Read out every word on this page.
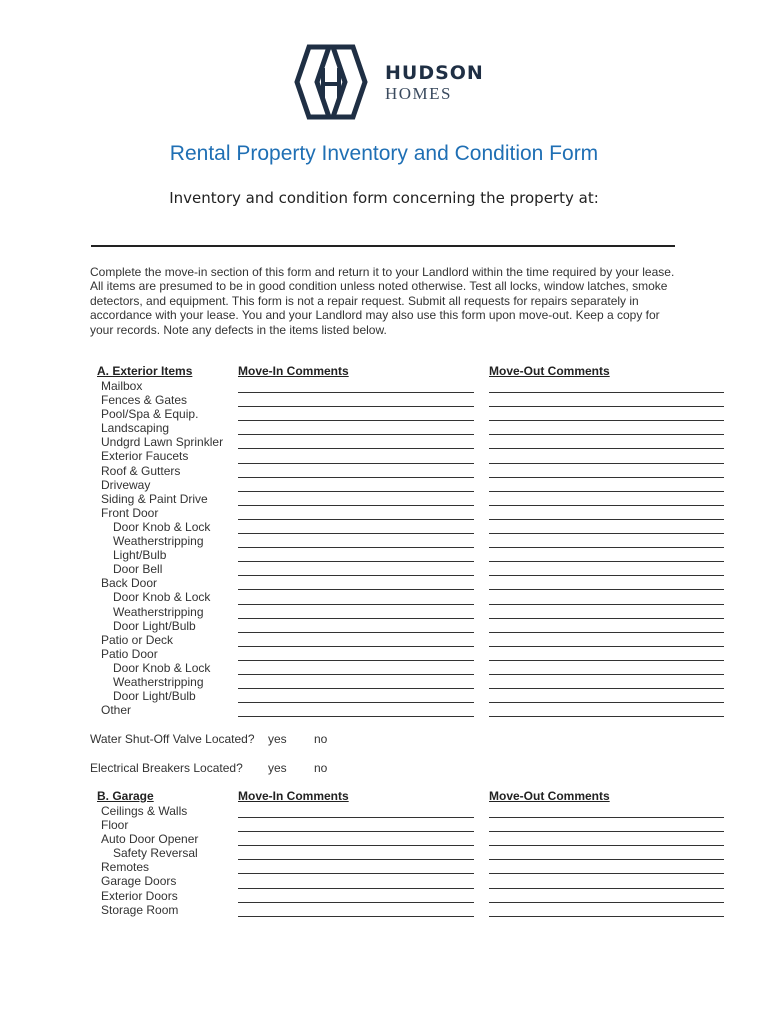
HUDSON
HOMES
Rental Property Inventory and Condition Form
Inventory and condition form concerning the property at:
Complete the move-in section of this form and return it to your Landlord within the time required by your lease.
All items are presumed to be in good condition unless noted otherwise. Test all locks, window latches, smoke
detectors, and equipment. This form is not a repair request. Submit all requests for repairs separately in
accordance with your lease. You and your Landlord may also use this form upon move-out. Keep a copy for
your records. Note any defects in the items listed below.
A. Exterior Items	Move-In Comments	Move-Out Comments
Mailbox
Fences & Gates
Pool/Spa & Equip.
Landscaping
Undgrd Lawn Sprinkler
Exterior Faucets
Roof & Gutters
Driveway
Siding & Paint Drive
Front Door
Door Knob & Lock
Weatherstripping
Light/Bulb
Door Bell
Back Door
Door Knob & Lock
Weatherstripping
Door Light/Bulb
Patio or Deck
Patio Door
Door Knob & Lock
Weatherstripping
Door Light/Bulb
Other
Water Shut-Off Valve Located? yes no
Electrical Breakers Located? yes no
B. Garage	Move-In Comments	Move-Out Comments
Ceilings & Walls
Floor
Auto Door Opener
Safety Reversal
Remotes
Garage Doors
Exterior Doors
Storage Room
